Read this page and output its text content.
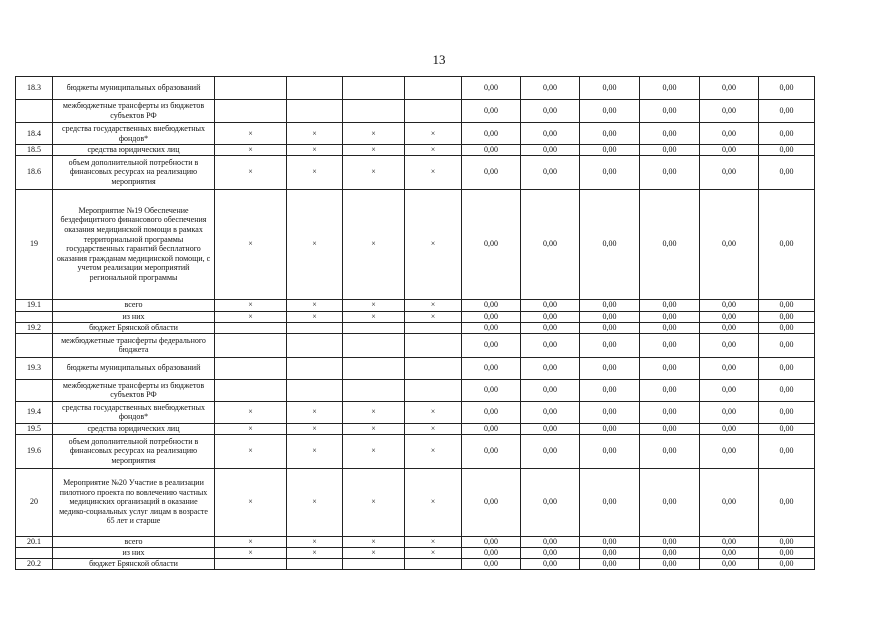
13
18.3	бюджеты муниципальных образований					0,00	0,00	0,00	0,00	0,00	0,00
	межбюджетные трансферты из бюджетов субъектов РФ					0,00	0,00	0,00	0,00	0,00	0,00
18.4	средства государственных внебюджетных фондов*	×	×	×	×	0,00	0,00	0,00	0,00	0,00	0,00
18.5	средства юридических лиц	×	×	×	×	0,00	0,00	0,00	0,00	0,00	0,00
18.6	объем дополнительной потребности в финансовых ресурсах на реализацию мероприятия	×	×	×	×	0,00	0,00	0,00	0,00	0,00	0,00
19	Мероприятие №19 Обеспечение бездефицитного финансового обеспечения оказания медицинской помощи в рамках территориальной программы государственных гарантий бесплатного оказания гражданам медицинской помощи, с учетом реализации мероприятий региональной программы	×	×	×	×	0,00	0,00	0,00	0,00	0,00	0,00
19.1	всего	×	×	×	×	0,00	0,00	0,00	0,00	0,00	0,00
	из них	×	×	×	×	0,00	0,00	0,00	0,00	0,00	0,00
19.2	бюджет Брянской области					0,00	0,00	0,00	0,00	0,00	0,00
	межбюджетные трансферты федерального бюджета					0,00	0,00	0,00	0,00	0,00	0,00
19.3	бюджеты муниципальных образований					0,00	0,00	0,00	0,00	0,00	0,00
	межбюджетные трансферты из бюджетов субъектов РФ					0,00	0,00	0,00	0,00	0,00	0,00
19.4	средства государственных внебюджетных фондов*	×	×	×	×	0,00	0,00	0,00	0,00	0,00	0,00
19.5	средства юридических лиц	×	×	×	×	0,00	0,00	0,00	0,00	0,00	0,00
19.6	объем дополнительной потребности в финансовых ресурсах на реализацию мероприятия	×	×	×	×	0,00	0,00	0,00	0,00	0,00	0,00
20	Мероприятие №20 Участие в реализации пилотного проекта по вовлечению частных медицинских организаций в оказание медико-социальных услуг лицам в возрасте 65 лет и старше	×	×	×	×	0,00	0,00	0,00	0,00	0,00	0,00
20.1	всего	×	×	×	×	0,00	0,00	0,00	0,00	0,00	0,00
	из них	×	×	×	×	0,00	0,00	0,00	0,00	0,00	0,00
20.2	бюджет Брянской области					0,00	0,00	0,00	0,00	0,00	0,00
